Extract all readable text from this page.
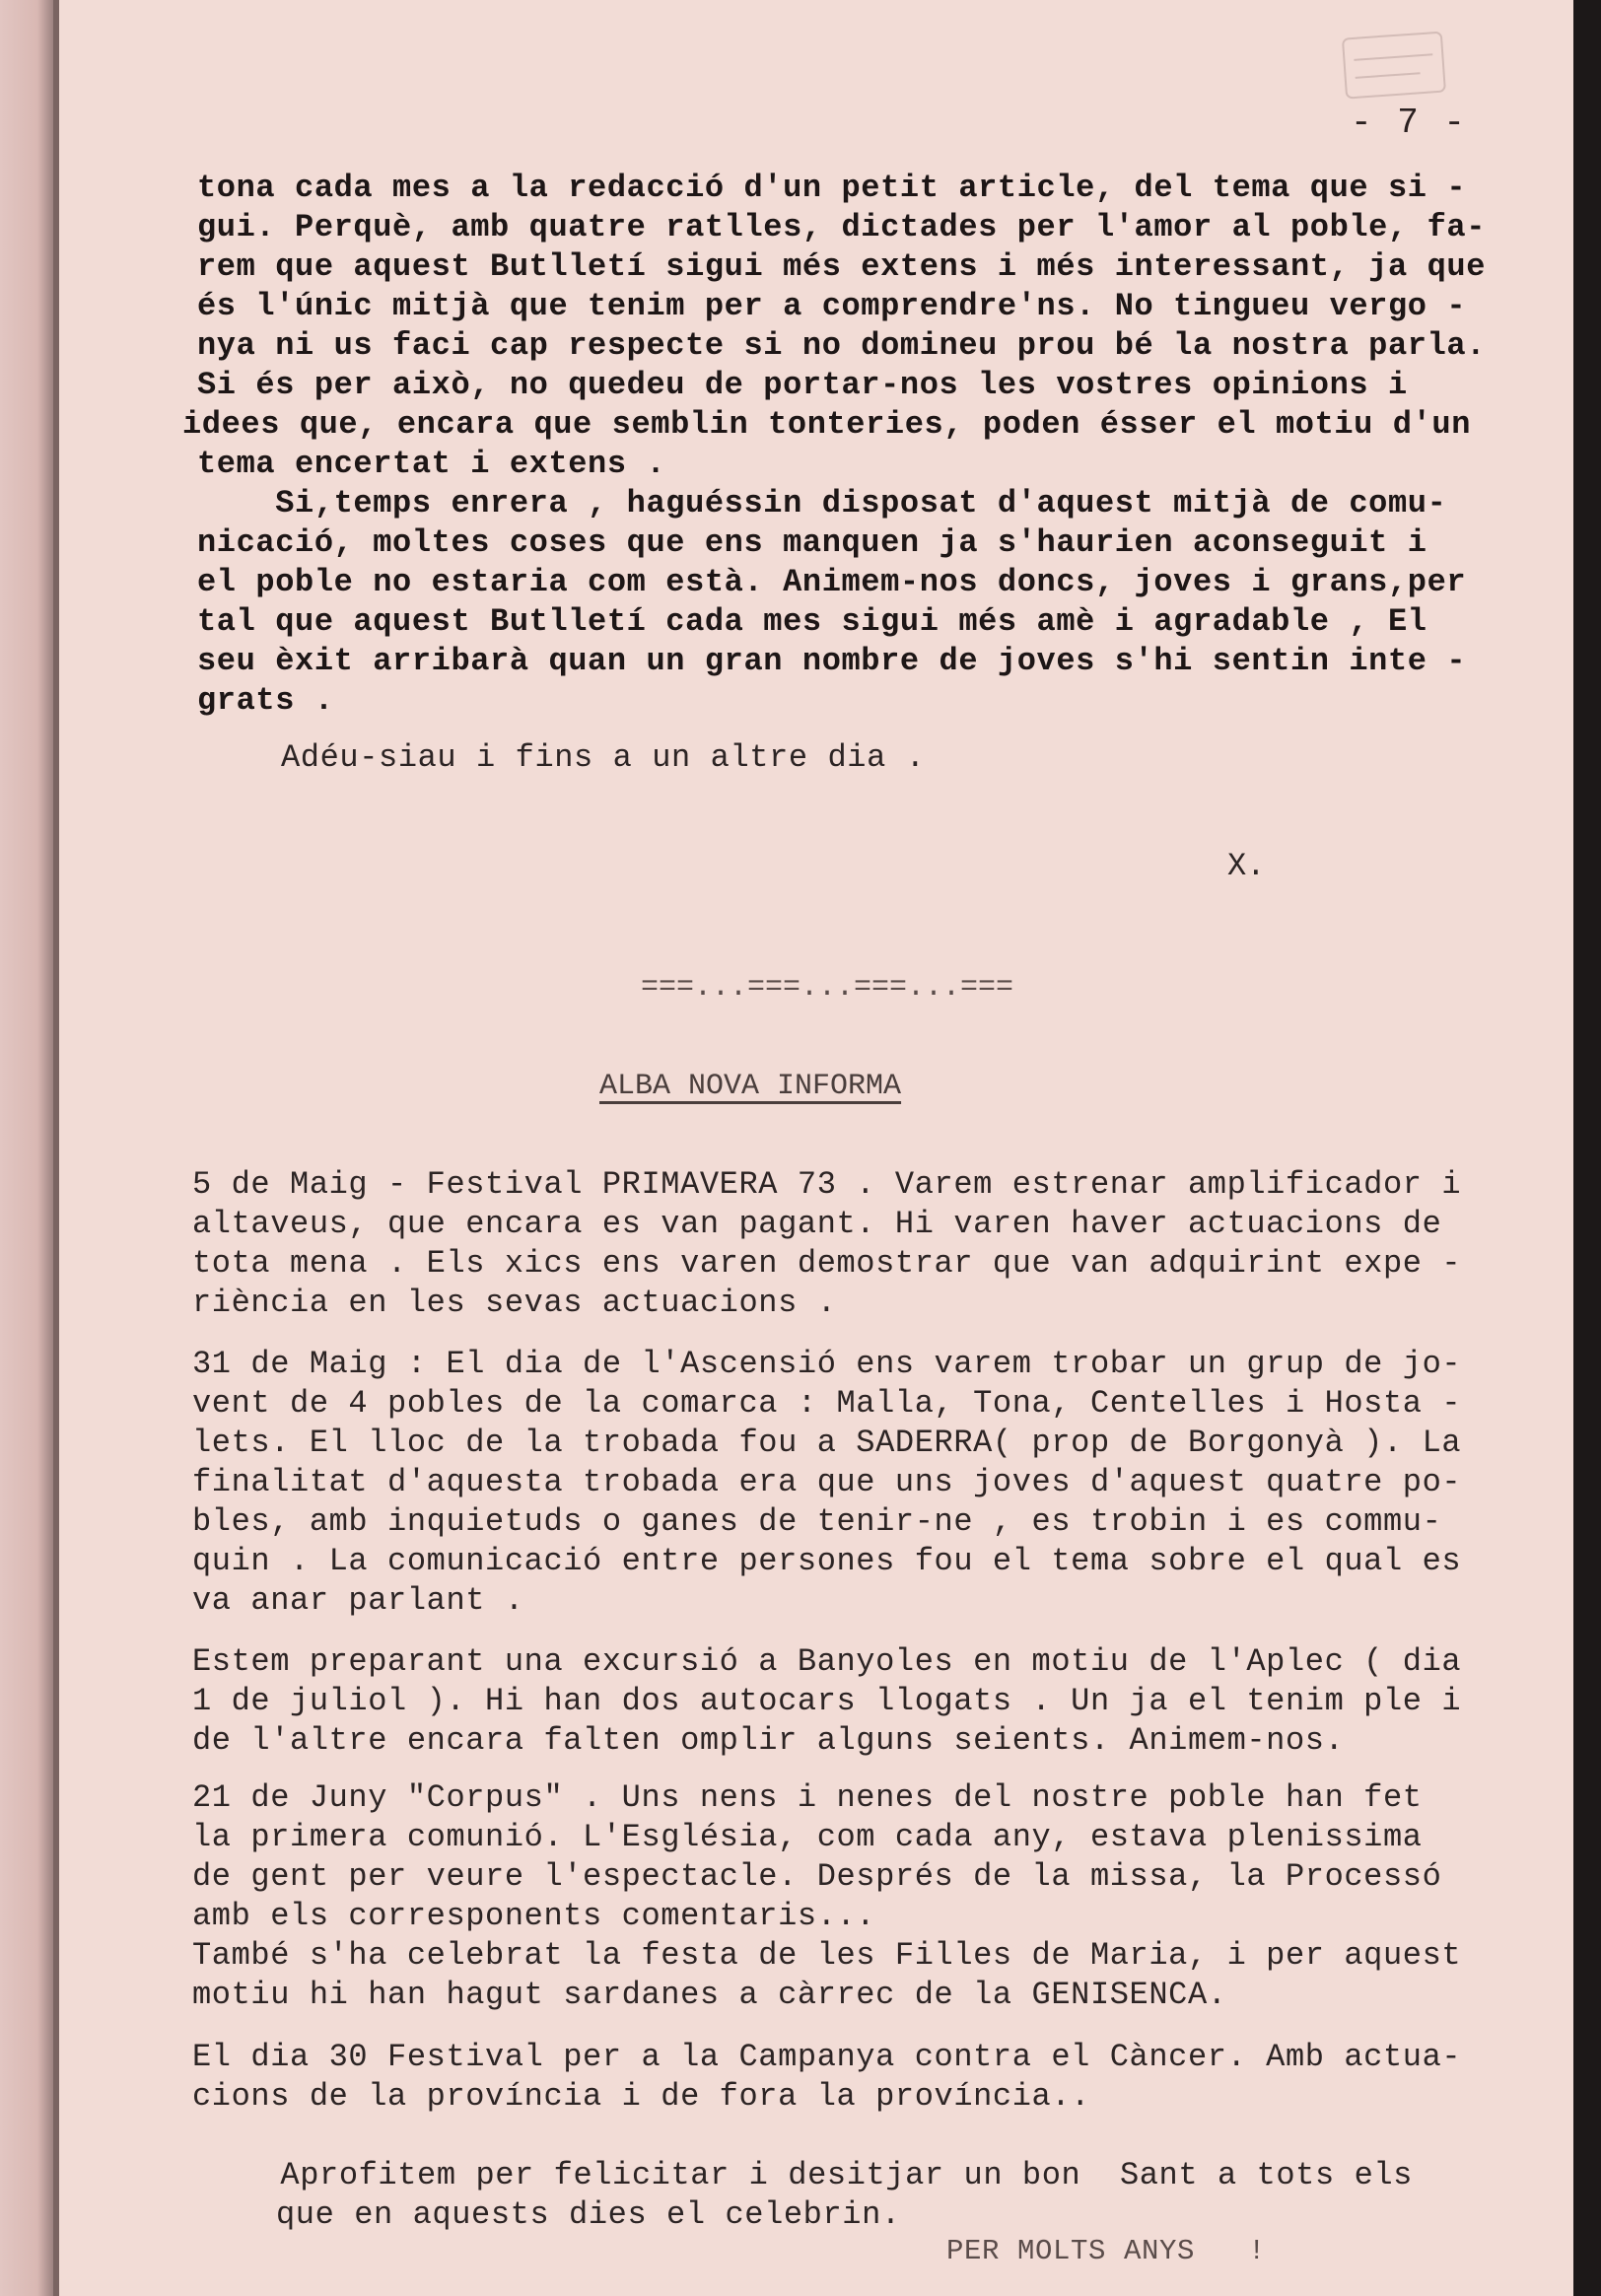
- 7 -
tona cada mes a la redacció d'un petit article, del tema que si -
gui. Perquè, amb quatre ratlles, dictades per l'amor al poble, fa-
rem que aquest Butlletí sigui més extens i més interessant, ja que
és l'únic mitjà que tenim per a comprendre'ns. No tingueu vergo -
nya ni us faci cap respecte si no domineu prou bé la nostra parla.
Si és per això, no quedeu de portar-nos les vostres opinions i
idees que, encara que semblin tonteries, poden ésser el motiu d'un
tema encertat i extens .
Si,temps enrera , haguéssin disposat d'aquest mitjà de comu-
nicació, moltes coses que ens manquen ja s'haurien aconseguit i
el poble no estaria com està. Animem-nos doncs, joves i grans,per
tal que aquest Butlletí cada mes sigui més amè i agradable , El
seu èxit arribarà quan un gran nombre de joves s'hi sentin inte -
grats .
Adéu-siau i fins a un altre dia .
X.
===...===...===...===
ALBA NOVA INFORMA
5 de Maig - Festival PRIMAVERA 73 . Varem estrenar amplificador i
altaveus, que encara es van pagant. Hi varen haver actuacions de
tota mena . Els xics ens varen demostrar que van adquirint expe -
riència en les sevas actuacions .
31 de Maig : El dia de l'Ascensió ens varem trobar un grup de jo-
vent de 4 pobles de la comarca : Malla, Tona, Centelles i Hosta -
lets. El lloc de la trobada fou a SADERRA( prop de Borgonyà ). La
finalitat d'aquesta trobada era que uns joves d'aquest quatre po-
bles, amb inquietuds o ganes de tenir-ne , es trobin i es commu-
quin . La comunicació entre persones fou el tema sobre el qual es
va anar parlant .
Estem preparant una excursió a Banyoles en motiu de l'Aplec ( dia
1 de juliol ). Hi han dos autocars llogats . Un ja el tenim ple i
de l'altre encara falten omplir alguns seients. Animem-nos.
21 de Juny "Corpus" . Uns nens i nenes del nostre poble han fet
la primera comunió. L'Església, com cada any, estava plenissima
de gent per veure l'espectacle. Després de la missa, la Processó
amb els corresponents comentaris...
També s'ha celebrat la festa de les Filles de Maria, i per aquest
motiu hi han hagut sardanes a càrrec de la GENISENCA.
El dia 30 Festival per a la Campanya contra el Càncer. Amb actua-
cions de la província i de fora la província..
Aprofitem per felicitar i desitjar un bon  Sant a tots els
que en aquests dies el celebrin.
PER MOLTS ANYS   !
